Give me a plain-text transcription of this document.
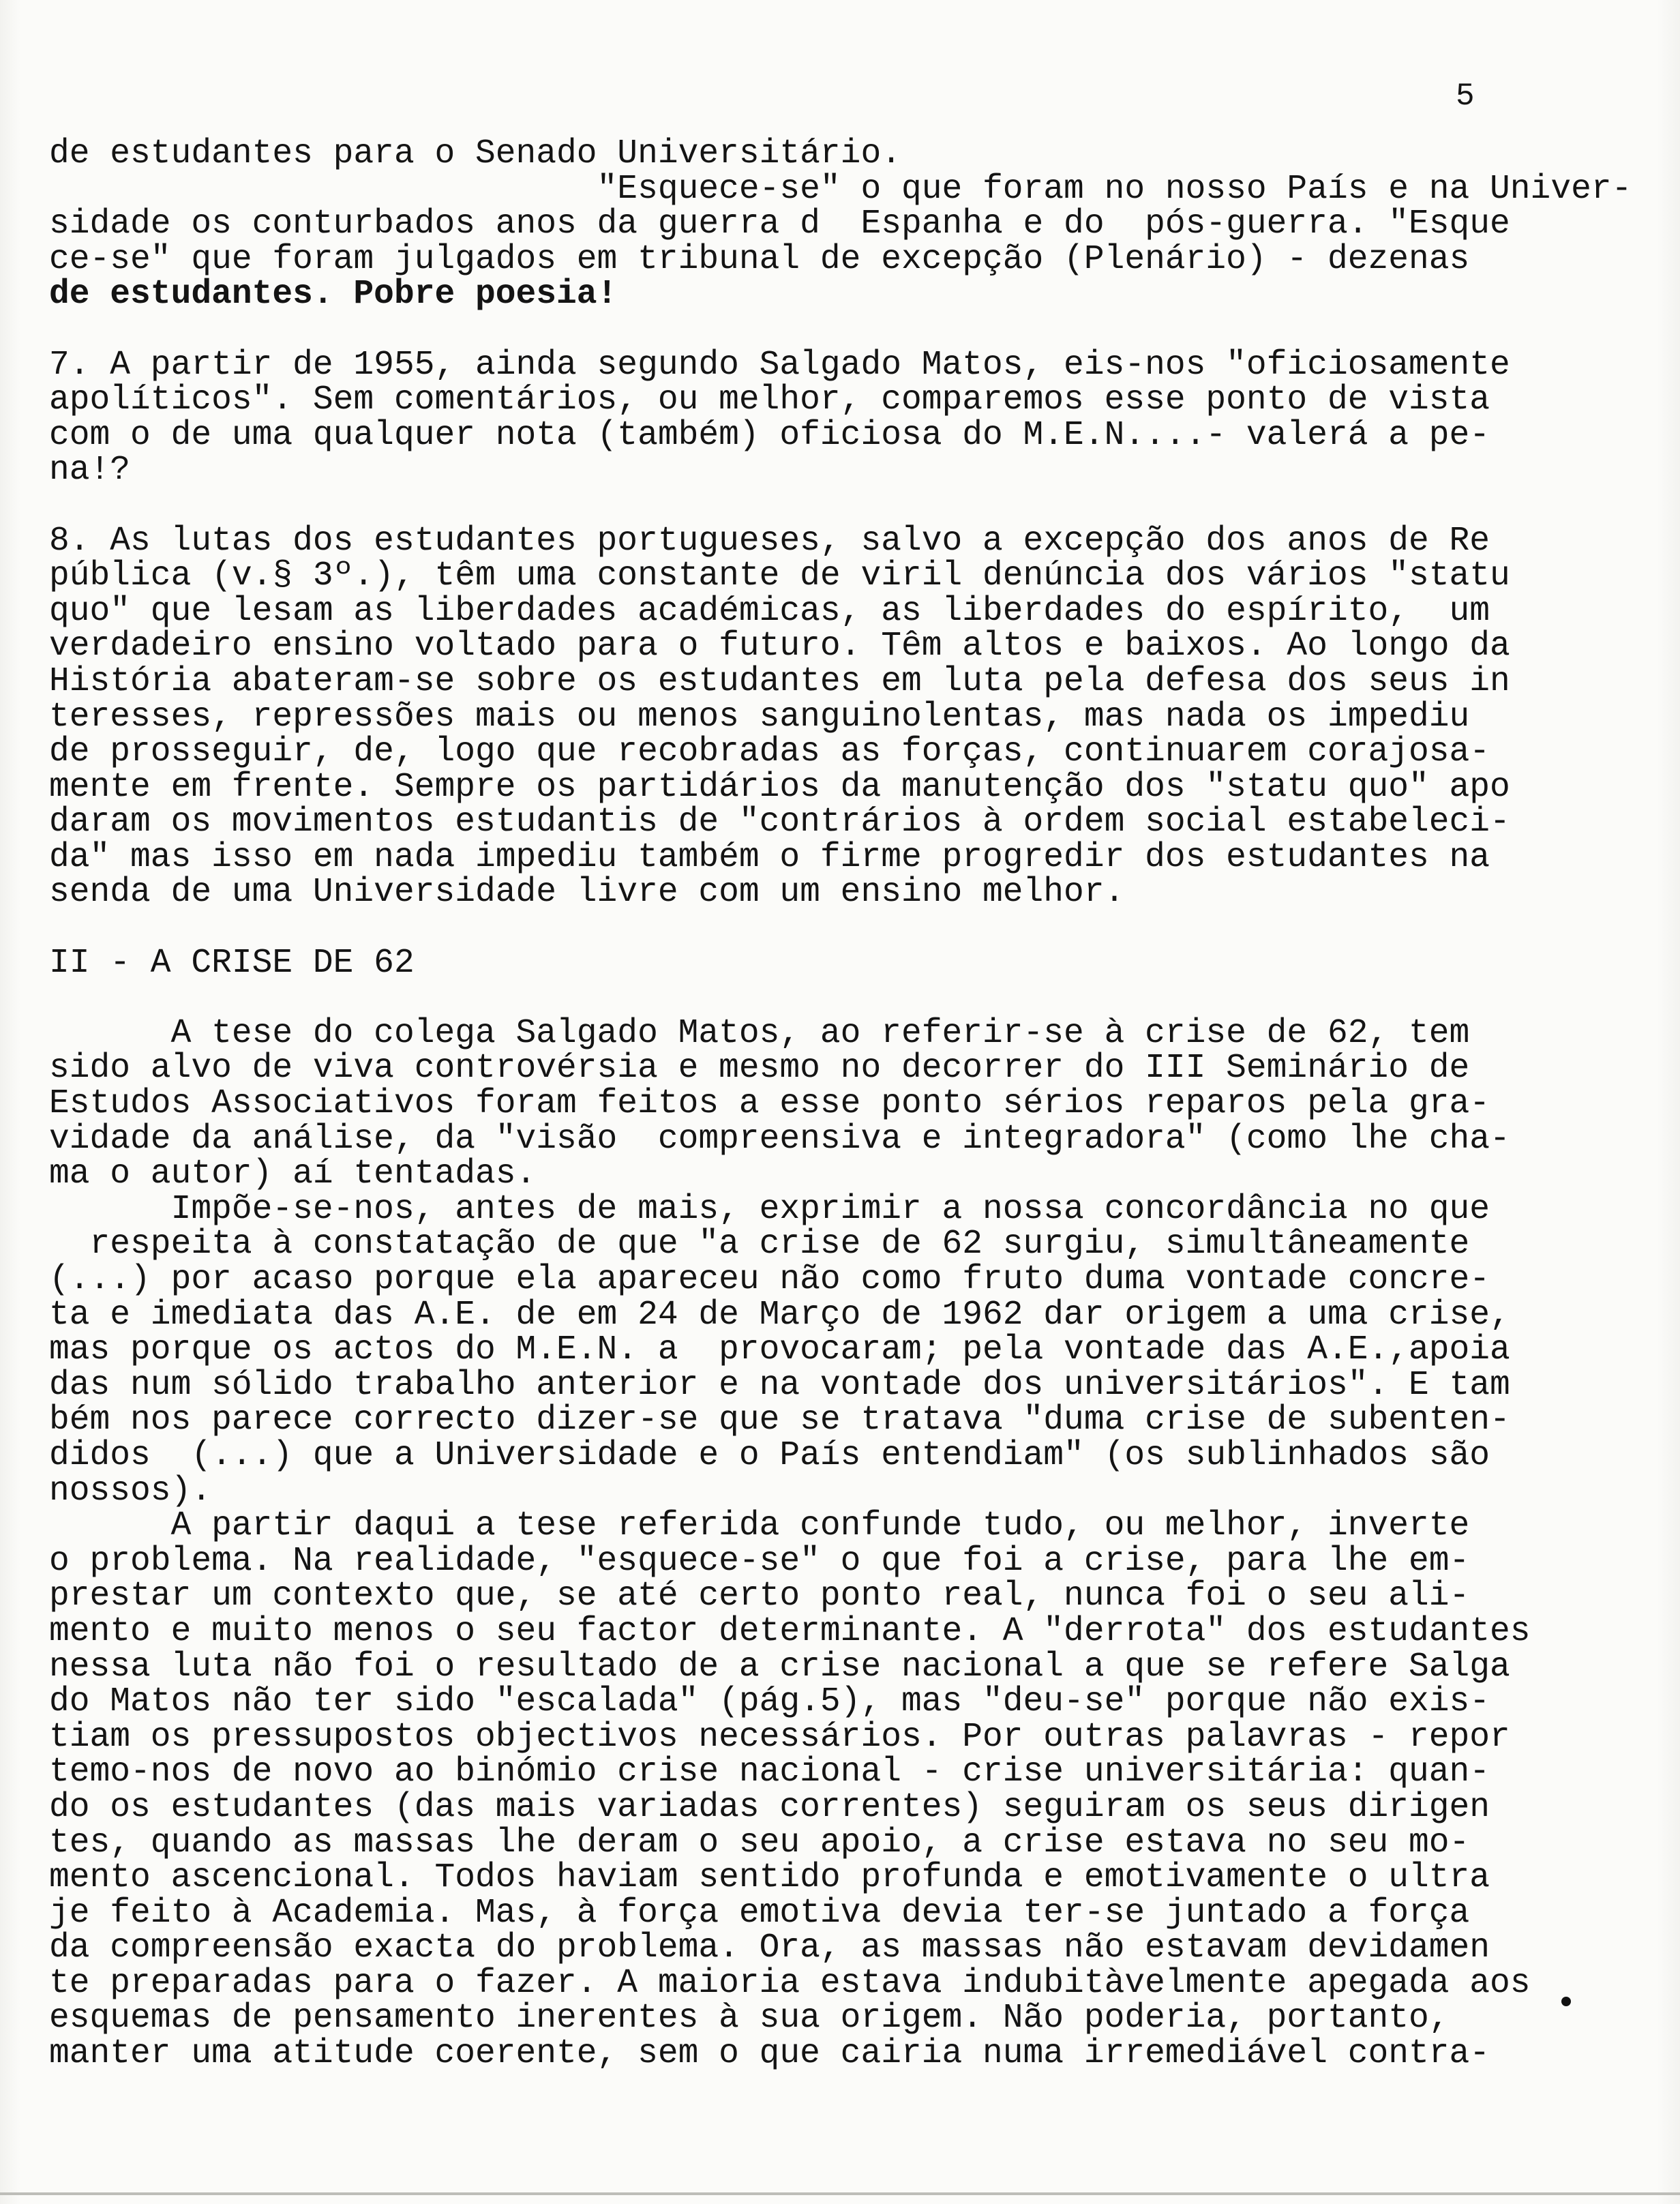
5
de estudantes para o Senado Universitário.
"Esquece-se" o que foram no nosso País e na Univer-
sidade os conturbados anos da guerra d  Espanha e do  pós-guerra. "Esque
ce-se" que foram julgados em tribunal de excepção (Plenário) - dezenas
de estudantes. Pobre poesia!
7. A partir de 1955, ainda segundo Salgado Matos, eis-nos "oficiosamente
apolíticos". Sem comentários, ou melhor, comparemos esse ponto de vista
com o de uma qualquer nota (também) oficiosa do M.E.N....- valerá a pe-
na!?
8. As lutas dos estudantes portugueses, salvo a excepção dos anos de Re
pública (v.§ 3º.), têm uma constante de viril denúncia dos vários "statu
quo" que lesam as liberdades académicas, as liberdades do espírito,  um
verdadeiro ensino voltado para o futuro. Têm altos e baixos. Ao longo da
História abateram-se sobre os estudantes em luta pela defesa dos seus in
teresses, repressões mais ou menos sanguinolentas, mas nada os impediu
de prosseguir, de, logo que recobradas as forças, continuarem corajosa-
mente em frente. Sempre os partidários da manutenção dos "statu quo" apo
daram os movimentos estudantis de "contrários à ordem social estabeleci-
da" mas isso em nada impediu também o firme progredir dos estudantes na
senda de uma Universidade livre com um ensino melhor.
II - A CRISE DE 62
A tese do colega Salgado Matos, ao referir-se à crise de 62, tem
sido alvo de viva controvérsia e mesmo no decorrer do III Seminário de
Estudos Associativos foram feitos a esse ponto sérios reparos pela gra-
vidade da análise, da "visão  compreensiva e integradora" (como lhe cha-
ma o autor) aí tentadas.
Impõe-se-nos, antes de mais, exprimir a nossa concordância no que
respeita à constatação de que "a crise de 62 surgiu, simultâneamente
(...) por acaso porque ela apareceu não como fruto duma vontade concre-
ta e imediata das A.E. de em 24 de Março de 1962 dar origem a uma crise,
mas porque os actos do M.E.N. a  provocaram; pela vontade das A.E.,apoia
das num sólido trabalho anterior e na vontade dos universitários". E tam
bém nos parece correcto dizer-se que se tratava "duma crise de subenten-
didos  (...) que a Universidade e o País entendiam" (os sublinhados são
nossos).
A partir daqui a tese referida confunde tudo, ou melhor, inverte
o problema. Na realidade, "esquece-se" o que foi a crise, para lhe em-
prestar um contexto que, se até certo ponto real, nunca foi o seu ali-
mento e muito menos o seu factor determinante. A "derrota" dos estudantes
nessa luta não foi o resultado de a crise nacional a que se refere Salga
do Matos não ter sido "escalada" (pág.5), mas "deu-se" porque não exis-
tiam os pressupostos objectivos necessários. Por outras palavras - repor
temo-nos de novo ao binómio crise nacional - crise universitária: quan-
do os estudantes (das mais variadas correntes) seguiram os seus dirigen
tes, quando as massas lhe deram o seu apoio, a crise estava no seu mo-
mento ascencional. Todos haviam sentido profunda e emotivamente o ultra
je feito à Academia. Mas, à força emotiva devia ter-se juntado a força
da compreensão exacta do problema. Ora, as massas não estavam devidamen
te preparadas para o fazer. A maioria estava indubitàvelmente apegada aos
esquemas de pensamento inerentes à sua origem. Não poderia, portanto,
manter uma atitude coerente, sem o que cairia numa irremediável contra-
